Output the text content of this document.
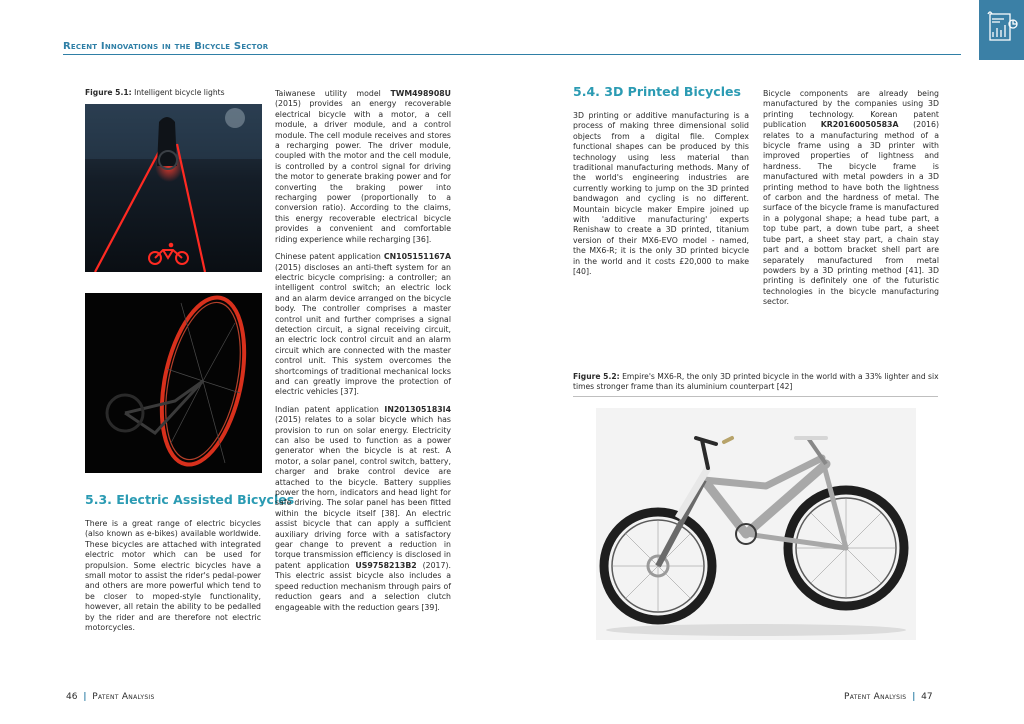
Recent Innovations in the Bicycle Sector
Figure 5.1: Intelligent bicycle lights
5.3. Electric Assisted Bicycles

There is a great range of electric bicycles (also known as e-bikes) available worldwide. These bicycles are attached with integrated electric motor which can be used for propulsion. Some electric bicycles have a small motor to assist the rider's pedal-power and others are more powerful which tend to be closer to moped-style functionality, however, all retain the ability to be pedalled by the rider and are therefore not electric motorcycles.

Taiwanese utility model TWM498908U (2015) provides an energy recoverable electrical bicycle with a motor, a cell module, a driver module, and a control module. The cell module receives and stores a recharging power. The driver module, coupled with the motor and the cell module, is controlled by a control signal for driving the motor to generate braking power and for converting the braking power into recharging power (proportionally to a conversion ratio). According to the claims, this energy recoverable electrical bicycle provides a convenient and comfortable riding experience while recharging [36].

Chinese patent application CN105151167A (2015) discloses an anti-theft system for an electric bicycle comprising: a controller; an intelligent control switch; an electric lock and an alarm device arranged on the bicycle body. The controller comprises a master control unit and further comprises a signal detection circuit, a signal receiving circuit, an electric lock control circuit and an alarm circuit which are connected with the master control unit. This system overcomes the shortcomings of traditional mechanical locks and can greatly improve the protection of electric vehicles [37].

Indian patent application IN201305183I4 (2015) relates to a solar bicycle which has provision to run on solar energy. Electricity can also be used to function as a power generator when the bicycle is at rest. A motor, a solar panel, control switch, battery, charger and brake control device are attached to the bicycle. Battery supplies power the horn, indicators and head light for safe driving. The solar panel has been fitted within the bicycle itself [38]. An electric assist bicycle that can apply a sufficient auxiliary driving force with a satisfactory gear change to prevent a reduction in torque transmission efficiency is disclosed in patent application US9758213B2 (2017). This electric assist bicycle also includes a speed reduction mechanism through pairs of reduction gears and a selection clutch engageable with the reduction gears [39].

5.4. 3D Printed Bicycles

3D printing or additive manufacturing is a process of making three dimensional solid objects from a digital file. Complex functional shapes can be produced by this technology using less material than traditional manufacturing methods. Many of the world's engineering industries are currently working to jump on the 3D printed bandwagon and cycling is no different. Mountain bicycle maker Empire joined up with 'additive manufacturing' experts Renishaw to create a 3D printed, titanium version of their MX6-EVO model - named, the MX6-R; it is the only 3D printed bicycle in the world and it costs £20,000 to make [40].

Bicycle components are already being manufactured by the companies using 3D printing technology. Korean patent publication KR20160050583A (2016) relates to a manufacturing method of a bicycle frame using a 3D printer with improved properties of lightness and hardness. The bicycle frame is manufactured with metal powders in a 3D printing method to have both the lightness of carbon and the hardness of metal. The surface of the bicycle frame is manufactured in a polygonal shape; a head tube part, a top tube part, a down tube part, a sheet tube part, a sheet stay part, a chain stay part and a bottom bracket shell part are separately manufactured from metal powders by a 3D printing method [41]. 3D printing is definitely one of the futuristic technologies in the bicycle manufacturing sector.

Figure 5.2: Empire's MX6-R, the only 3D printed bicycle in the world with a 33% lighter and six times stronger frame than its aluminium counterpart [42]
46 | Patent Analysis	Patent Analysis | 47
